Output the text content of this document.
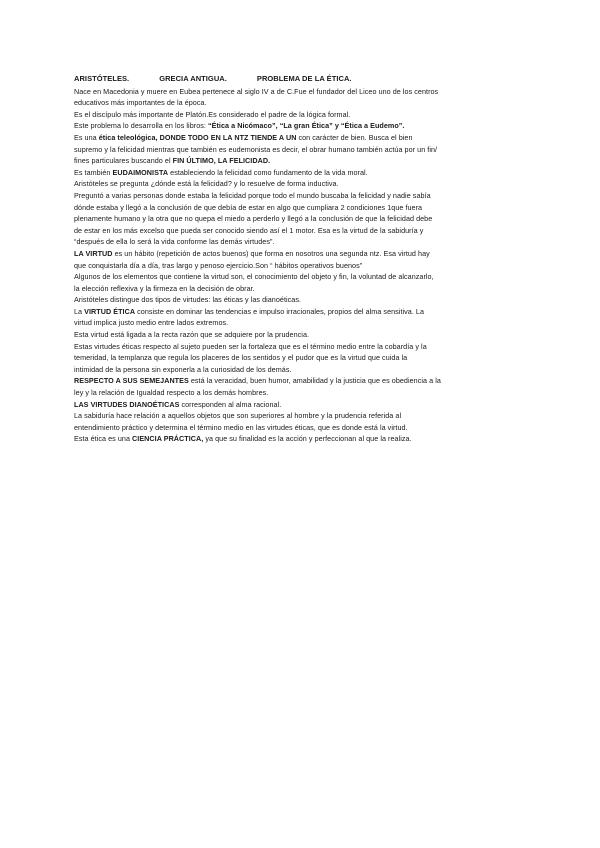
ARISTÓTELES.	GRECIA ANTIGUA.	PROBLEMA DE LA ÉTICA.
Nace en Macedonia y muere en Eubea pertenece al siglo IV a de C.Fue el fundador del Liceo uno de los centros
educativos más importantes de la época.
Es el discípulo más importante de Platón.Es considerado el padre de la lógica formal.
Este problema lo desarrolla en los libros: “Ética a Nicómaco”, “La gran Ética” y “Ética a Eudemo”.
Es una ética teleológica, DONDE TODO EN LA NTZ TIENDE A UN con carácter de bien. Busca el bien
supremo y la felicidad mientras que también es eudemonista es decir, el obrar humano también actúa por un fin/
fines particulares buscando el FIN ÚLTIMO, LA FELICIDAD.
Es también EUDAIMONISTA estableciendo la felicidad como fundamento de la vida moral.
Aristóteles se pregunta ¿dónde está la felicidad? y lo resuelve de forma inductiva.
Preguntó a varias personas donde estaba la felicidad porque todo el mundo buscaba la felicidad y nadie sabía
dónde estaba y llegó a la conclusión de que debía de estar en algo que cumpliara 2 condiciones 1que fuera
plenamente humano y la otra que no quepa el miedo a perderlo y llegó a la conclusión de que la felicidad debe
de estar en los más excelso que pueda ser conocido siendo así el 1 motor. Esa es la virtud de la sabiduría y
“después de ella lo será la vida conforme las demás virtudes”.
LA VIRTUD es un hábito (repetición de actos buenos) que forma en nosotros una segunda ntz. Esa virtud hay
que conquistarla día a día, tras largo y penoso ejercicio.Son “ hábitos operativos buenos”
Algunos de los elementos que contiene la virtud son, el conocimiento del objeto y fin, la voluntad de alcanzarlo,
la elección reflexiva y la firmeza en la decisión de obrar.
Aristóteles distingue dos tipos de virtudes: las éticas y las dianoéticas.
La VIRTUD ÉTICA consiste en dominar las tendencias e impulso irracionales, propios del alma sensitiva. La
virtud implica justo medio entre lados extremos.
Esta virtud está ligada a la recta razón que se adquiere por la prudencia.
Estas virtudes éticas respecto al sujeto pueden ser la fortaleza que es el término medio entre la cobardía y la
temeridad, la templanza que regula los placeres de los sentidos y el pudor que es la virtud que cuida la
intimidad de la persona sin exponerla a la curiosidad de los demás.
RESPECTO A SUS SEMEJANTES está la veracidad, buen humor, amabilidad y la justicia que es obediencia a la
ley y la relación de Igualdad respecto a los demás hombres.
LAS VIRTUDES DIANOÉTICAS corresponden al alma racional.
La sabiduría hace relación a aquellos objetos que son superiores al hombre y la prudencia referida al
entendimiento práctico y determina el término medio en las virtudes éticas, que es donde está la virtud.
Esta ética es una CIENCIA PRÁCTICA, ya que su finalidad es la acción y perfeccionan al que la realiza.
